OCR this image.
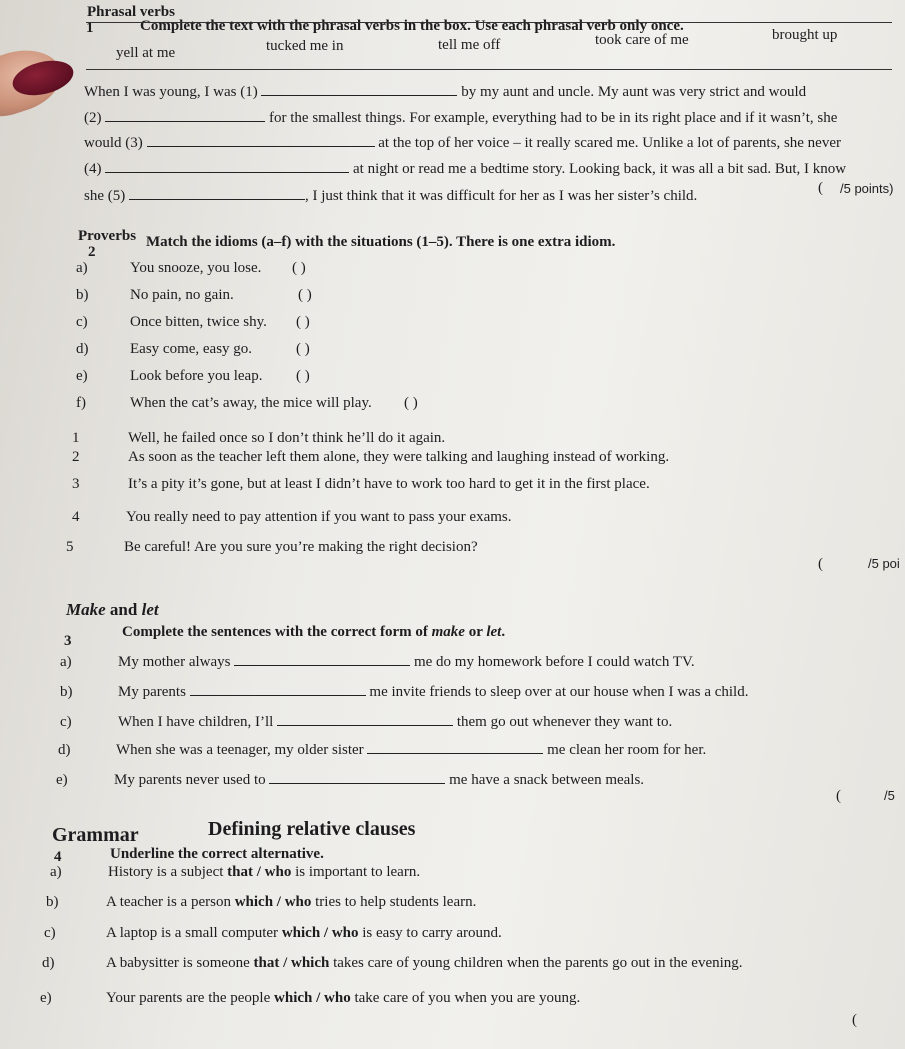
Phrasal verbs
1	Complete the text with the phrasal verbs in the box. Use each phrasal verb only once.
yell at me	tucked me in	tell me off	took care of me	brought up
When I was young, I was (1)	by my aunt and uncle. My aunt was very strict and would
(2)	for the smallest things. For example, everything had to be in its right place and if it wasn’t, she
would (3)	at the top of her voice – it really scared me. Unlike a lot of parents, she never
(4)	at night or read me a bedtime story. Looking back, it was all a bit sad. But, I know
she (5)	, I just think that it was difficult for her as I was her sister’s child.	( /5 points)
Proverbs
2
Match the idioms (a–f) with the situations (1–5). There is one extra idiom.
a)	You snooze, you lose. ( )
b)	No pain, no gain.	( )
c)	Once bitten, twice shy. ( )
d)	Easy come, easy go.	( )
e)	Look before you leap. ( )
f)	When the cat’s away, the mice will play. ( )
1	Well, he failed once so I don’t think he’ll do it again.
2	As soon as the teacher left them alone, they were talking and laughing instead of working.
3	It’s a pity it’s gone, but at least I didn’t have to work too hard to get it in the first place.
4	You really need to pay attention if you want to pass your exams.
5	Be careful! Are you sure you’re making the right decision?
(	/5 poi
Make and let
3
Complete the sentences with the correct form of make or let.
a)	My mother always	me do my homework before I could watch TV.
b)	My parents	me invite friends to sleep over at our house when I was a child.
c)	When I have children, I’ll	them go out whenever they want to.
d)	When she was a teenager, my older sister	me clean her room for her.
e)	My parents never used to	me have a snack between meals.
(	/5
Grammar	Defining relative clauses
4	Underline the correct alternative.
a)	History is a subject that / who is important to learn.
b)	A teacher is a person which / who tries to help students learn.
c)	A laptop is a small computer which / who is easy to carry around.
d)	A babysitter is someone that / which takes care of young children when the parents go out in the evening.
e)	Your parents are the people which / who take care of you when you are young.
(
